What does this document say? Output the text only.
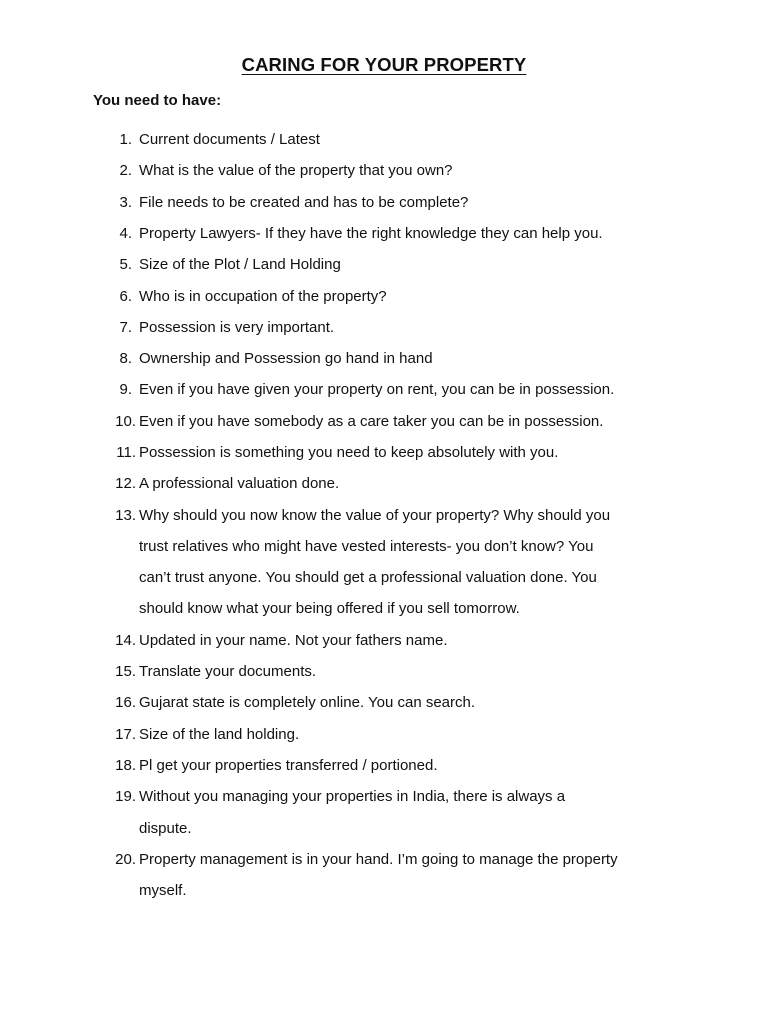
CARING FOR YOUR PROPERTY
You need to have:
1. Current documents / Latest
2. What is the value of the property that you own?
3. File needs to be created and has to be complete?
4. Property Lawyers- If they have the right knowledge they can help you.
5. Size of the Plot / Land Holding
6. Who is in occupation of the property?
7. Possession is very important.
8. Ownership and Possession go hand in hand
9. Even if you have given your property on rent, you can be in possession.
10. Even if you have somebody as a care taker you can be in possession.
11. Possession is something you need to keep absolutely with you.
12. A professional valuation done.
13. Why should you now know the value of your property? Why should you
trust relatives who might have vested interests- you don’t know? You
can’t trust anyone. You should get a professional valuation done. You
should know what your being offered if you sell tomorrow.
14. Updated in your name. Not your fathers name.
15. Translate your documents.
16. Gujarat state is completely online. You can search.
17. Size of the land holding.
18. Pl get your properties transferred / portioned.
19. Without you managing your properties in India, there is always a
dispute.
20. Property management is in your hand. I’m going to manage the property
myself.
